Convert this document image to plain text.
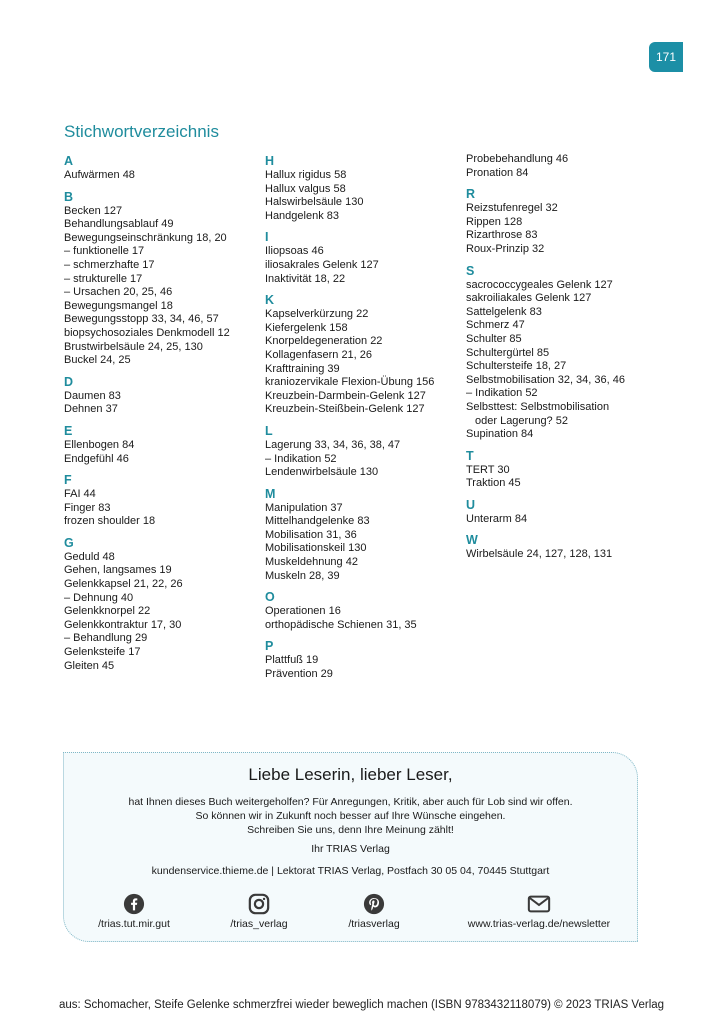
171
Stichwortverzeichnis
A
Aufwärmen 48
B
Becken 127
Behandlungsablauf 49
Bewegungseinschränkung 18, 20
– funktionelle 17
– schmerzhafte 17
– strukturelle 17
– Ursachen 20, 25, 46
Bewegungsmangel 18
Bewegungsstopp 33, 34, 46, 57
biopsychosoziales Denkmodell 12
Brustwirbelsäule 24, 25, 130
Buckel 24, 25
D
Daumen 83
Dehnen 37
E
Ellenbogen 84
Endgefühl 46
F
FAI 44
Finger 83
frozen shoulder 18
G
Geduld 48
Gehen, langsames 19
Gelenkkapsel 21, 22, 26
– Dehnung 40
Gelenkknorpel 22
Gelenkkontraktur 17, 30
– Behandlung 29
Gelenksteife 17
Gleiten 45
H
Hallux rigidus 58
Hallux valgus 58
Halswirbelsäule 130
Handgelenk 83
I
Iliopsoas 46
iliosakrales Gelenk 127
Inaktivität 18, 22
K
Kapselverkürzung 22
Kiefergelenk 158
Knorpeldegeneration 22
Kollagenfasern 21, 26
Krafttraining 39
kraniozervikale Flexion-Übung 156
Kreuzbein-Darmbein-Gelenk 127
Kreuzbein-Steißbein-Gelenk 127
L
Lagerung 33, 34, 36, 38, 47
– Indikation 52
Lendenwirbelsäule 130
M
Manipulation 37
Mittelhandgelenke 83
Mobilisation 31, 36
Mobilisationskeil 130
Muskeldehnung 42
Muskeln 28, 39
O
Operationen 16
orthopädische Schienen 31, 35
P
Plattfuß 19
Prävention 29
Probebehandlung 46
Pronation 84
R
Reizstufenregel 32
Rippen 128
Rizarthrose 83
Roux-Prinzip 32
S
sacrococcygeales Gelenk 127
sakroiliakales Gelenk 127
Sattelgelenk 83
Schmerz 47
Schulter 85
Schultergürtel 85
Schultersteife 18, 27
Selbstmobilisation 32, 34, 36, 46
– Indikation 52
Selbsttest: Selbstmobilisation
oder Lagerung? 52
Supination 84
T
TERT 30
Traktion 45
U
Unterarm 84
W
Wirbelsäule 24, 127, 128, 131
Liebe Leserin, lieber Leser,
hat Ihnen dieses Buch weitergeholfen? Für Anregungen, Kritik, aber auch für Lob sind wir offen.
So können wir in Zukunft noch besser auf Ihre Wünsche eingehen.
Schreiben Sie uns, denn Ihre Meinung zählt!
Ihr TRIAS Verlag
kundenservice.thieme.de | Lektorat TRIAS Verlag, Postfach 30 05 04, 70445 Stuttgart
/trias.tut.mir.gut	/trias_verlag	/triasverlag	www.trias-verlag.de/newsletter
aus: Schomacher, Steife Gelenke schmerzfrei wieder beweglich machen (ISBN 9783432118079) © 2023 TRIAS Verlag
